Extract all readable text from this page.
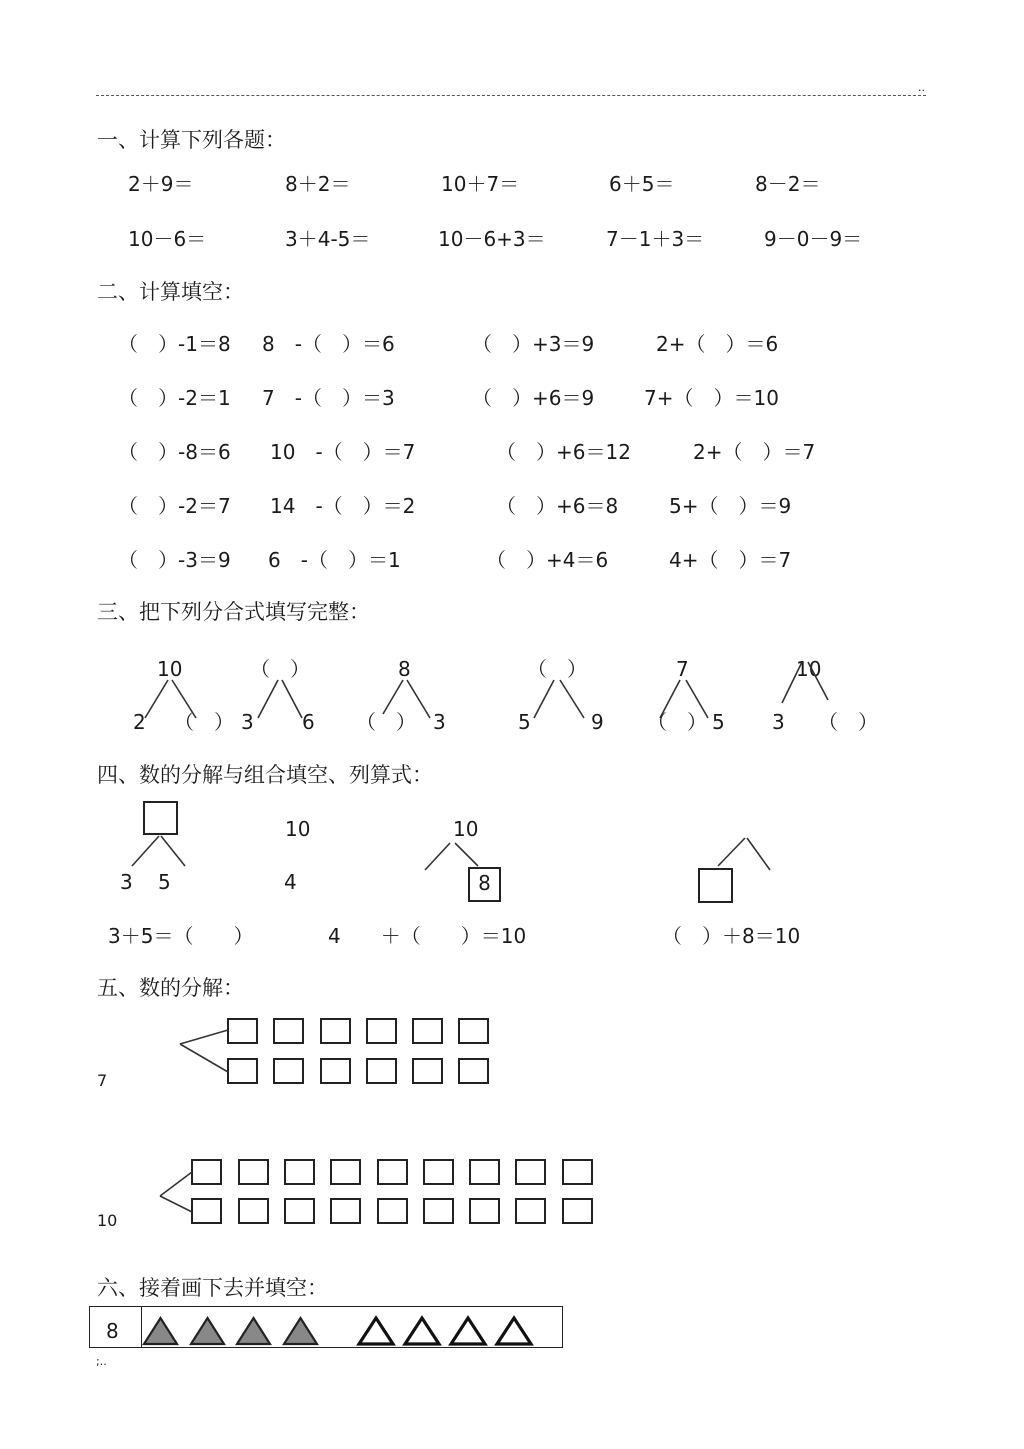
..
一、计算下列各题：
2＋9＝	8＋2＝	10＋7＝	6＋5＝	8－2＝
10－6＝	3＋4-5＝	10－6+3＝	7－1＋3＝	9－0－9＝
二、计算填空：
（　）-1＝8 8　-（　）＝6	（　）+3＝9	2+（　）＝6
（　）-2＝1 7　-（　）＝3	（　）+6＝9 7+（　）＝10
（　）-8＝6 10　-（　）＝7	（　）+6＝12	2+（　）＝7
（　）-2＝7 14　-（　）＝2	（　）+6＝8	5+（　）＝9
（　）-3＝9 6　-（　）＝1	（　）+4＝6	4+（　）＝7
三、把下列分合式填写完整：
10
2 （　）
（　）
3 6
8
（　） 3
（　）
5	9
7
（　） 5
10
3 （　）
四、数的分解与组合填空、列算式：
3 5
10
4
10
8
3＋5＝（　　）	4　　＋（　　）＝10	（　）＋8＝10
五、数的分解：
7
10
六、接着画下去并填空：
8
;..
